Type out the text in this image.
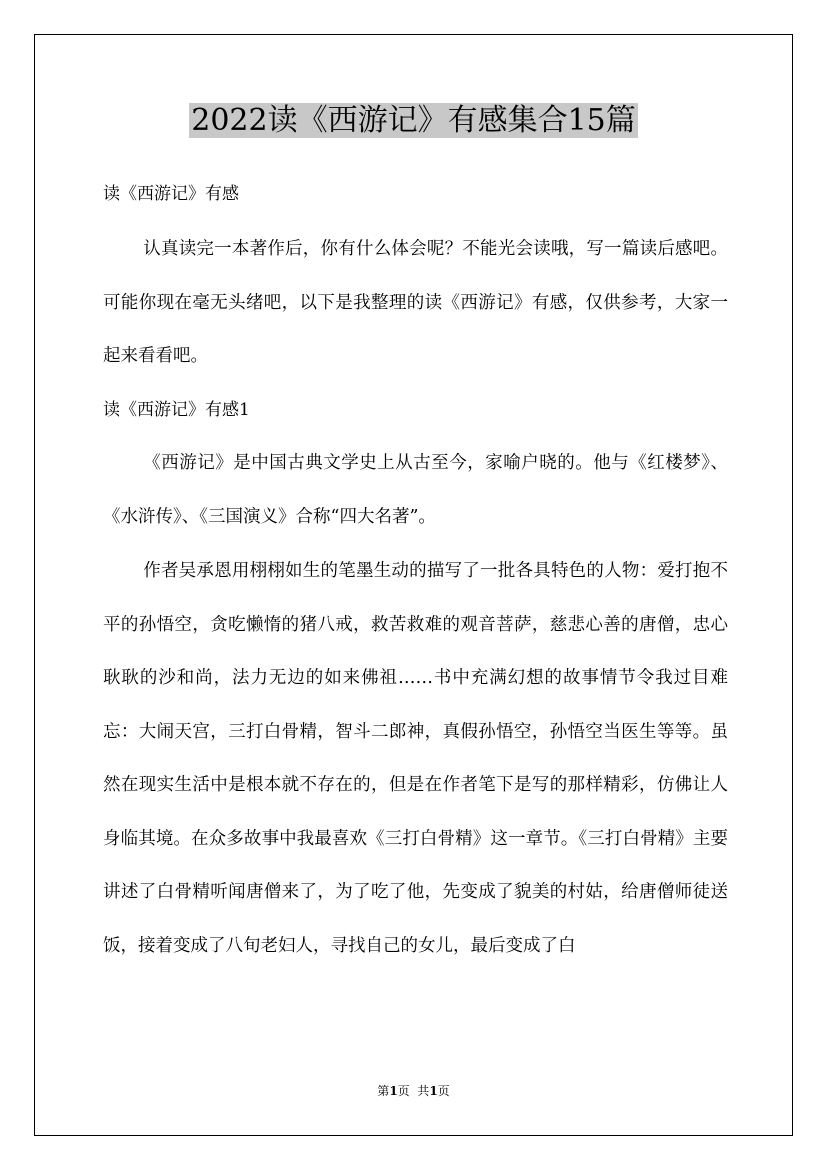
2022读《西游记》有感集合15篇
读《西游记》有感

认真读完一本著作后，你有什么体会呢？不能光会读哦，写一篇读后感吧。可能你现在毫无头绪吧，以下是我整理的读《西游记》有感，仅供参考，大家一起来看看吧。

读《西游记》有感1

《西游记》是中国古典文学史上从古至今，家喻户晓的。他与《红楼梦》、《水浒传》、《三国演义》合称“四大名著”。

作者吴承恩用栩栩如生的笔墨生动的描写了一批各具特色的人物：爱打抱不平的孙悟空，贪吃懒惰的猪八戒，救苦救难的观音菩萨，慈悲心善的唐僧，忠心耿耿的沙和尚，法力无边的如来佛祖……书中充满幻想的故事情节令我过目难忘：大闹天宫，三打白骨精，智斗二郎神，真假孙悟空，孙悟空当医生等等。虽然在现实生活中是根本就不存在的，但是在作者笔下是写的那样精彩，仿佛让人身临其境。在众多故事中我最喜欢《三打白骨精》这一章节。《三打白骨精》主要讲述了白骨精听闻唐僧来了，为了吃了他，先变成了貌美的村姑，给唐僧师徒送饭，接着变成了八旬老妇人，寻找自己的女儿，最后变成了白

第1页  共1页
